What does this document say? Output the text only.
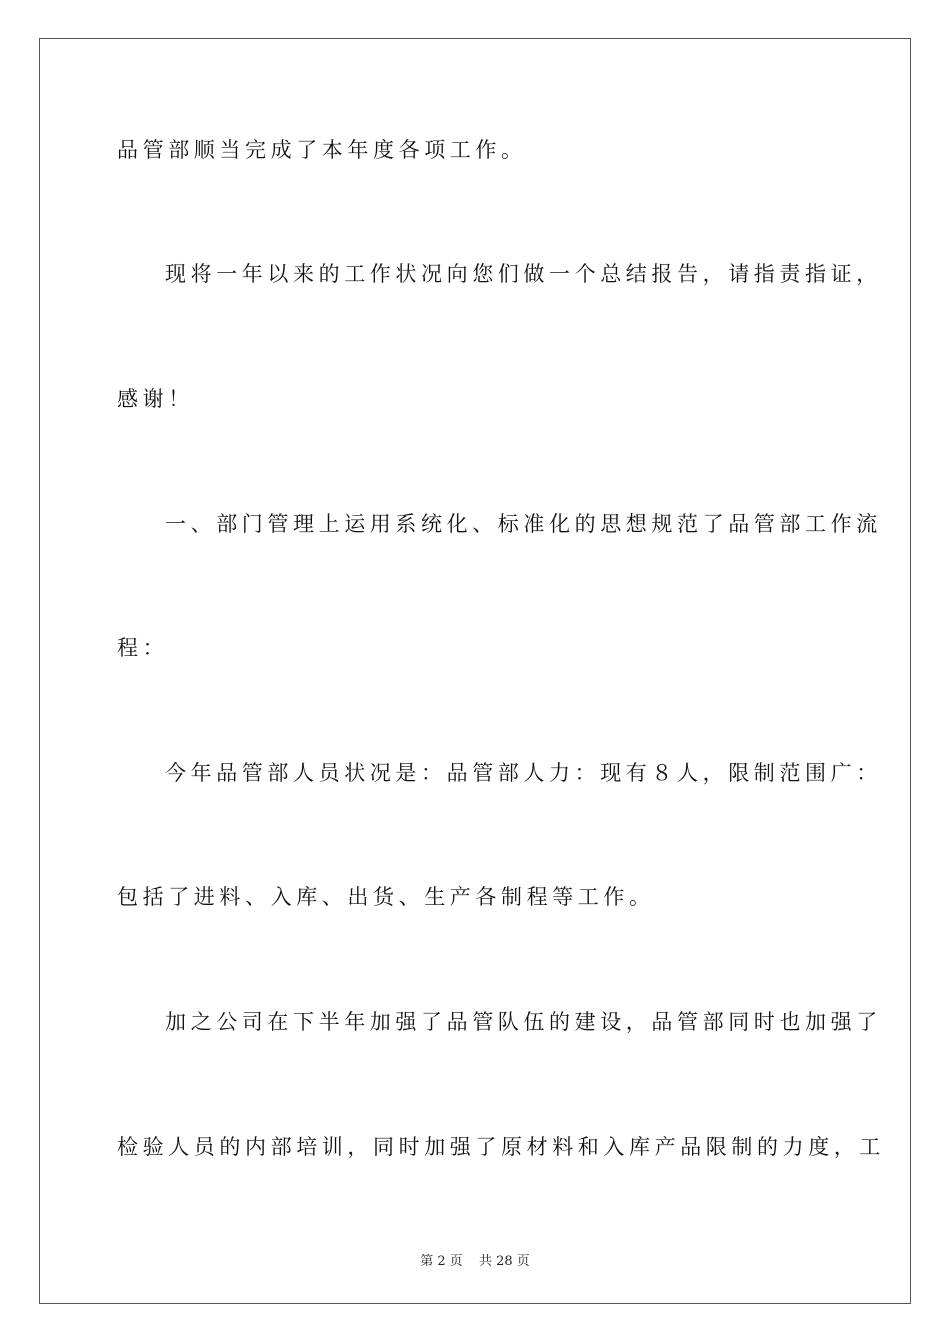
品管部顺当完成了本年度各项工作。
现将一年以来的工作状况向您们做一个总结报告，请指责指证，
感谢！
一、部门管理上运用系统化、标准化的思想规范了品管部工作流
程：
今年品管部人员状况是：品管部人力：现有８人，限制范围广：
包括了进料、入库、出货、生产各制程等工作。
加之公司在下半年加强了品管队伍的建设，品管部同时也加强了
检验人员的内部培训，同时加强了原材料和入库产品限制的力度，工
第 2 页 共 28 页
